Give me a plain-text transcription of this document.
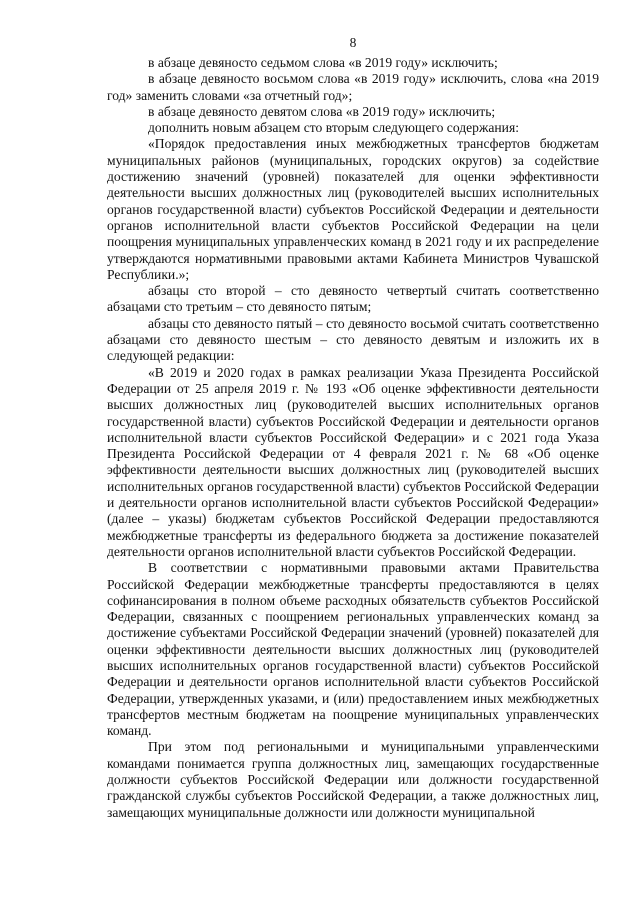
8

в абзаце девяносто седьмом слова «в 2019 году» исключить;

в абзаце девяносто восьмом слова «в 2019 году» исключить, слова «на 2019 год» заменить словами «за отчетный год»;

в абзаце девяносто девятом слова «в 2019 году» исключить;

дополнить новым абзацем сто вторым следующего содержания:

«Порядок предоставления иных межбюджетных трансфертов бюджетам муниципальных районов (муниципальных, городских округов) за содействие достижению значений (уровней) показателей для оценки эффективности деятельности высших должностных лиц (руководителей высших исполнительных органов государственной власти) субъектов Российской Федерации и деятельности органов исполнительной власти субъектов Российской Федерации на цели поощрения муниципальных управленческих команд в 2021 году и их распределение утверждаются нормативными правовыми актами Кабинета Министров Чувашской Республики.»;

абзацы сто второй – сто девяносто четвертый считать соответственно абзацами сто третьим – сто девяносто пятым;

абзацы сто девяносто пятый – сто девяносто восьмой считать соответственно абзацами сто девяносто шестым – сто девяносто девятым и изложить их в следующей редакции:

«В 2019 и 2020 годах в рамках реализации Указа Президента Российской Федерации от 25 апреля 2019 г. № 193 «Об оценке эффективности деятельности высших должностных лиц (руководителей высших исполнительных органов государственной власти) субъектов Российской Федерации и деятельности органов исполнительной власти субъектов Российской Федерации» и с 2021 года Указа Президента Российской Федерации от 4 февраля 2021 г. № 68 «Об оценке эффективности деятельности высших должностных лиц (руководителей высших исполнительных органов государственной власти) субъектов Российской Федерации и деятельности органов исполнительной власти субъектов Российской Федерации» (далее – указы) бюджетам субъектов Российской Федерации предоставляются межбюджетные трансферты из федерального бюджета за достижение показателей деятельности органов исполнительной власти субъектов Российской Федерации.

В соответствии с нормативными правовыми актами Правительства Российской Федерации межбюджетные трансферты предоставляются в целях софинансирования в полном объеме расходных обязательств субъектов Российской Федерации, связанных с поощрением региональных управленческих команд за достижение субъектами Российской Федерации значений (уровней) показателей для оценки эффективности деятельности высших должностных лиц (руководителей высших исполнительных органов государственной власти) субъектов Российской Федерации и деятельности органов исполнительной власти субъектов Российской Федерации, утвержденных указами, и (или) предоставлением иных межбюджетных трансфертов местным бюджетам на поощрение муниципальных управленческих команд.

При этом под региональными и муниципальными управленческими командами понимается группа должностных лиц, замещающих государственные должности субъектов Российской Федерации или должности государственной гражданской службы субъектов Российской Федерации, а также должностных лиц, замещающих муниципальные должности или должности муниципальной
